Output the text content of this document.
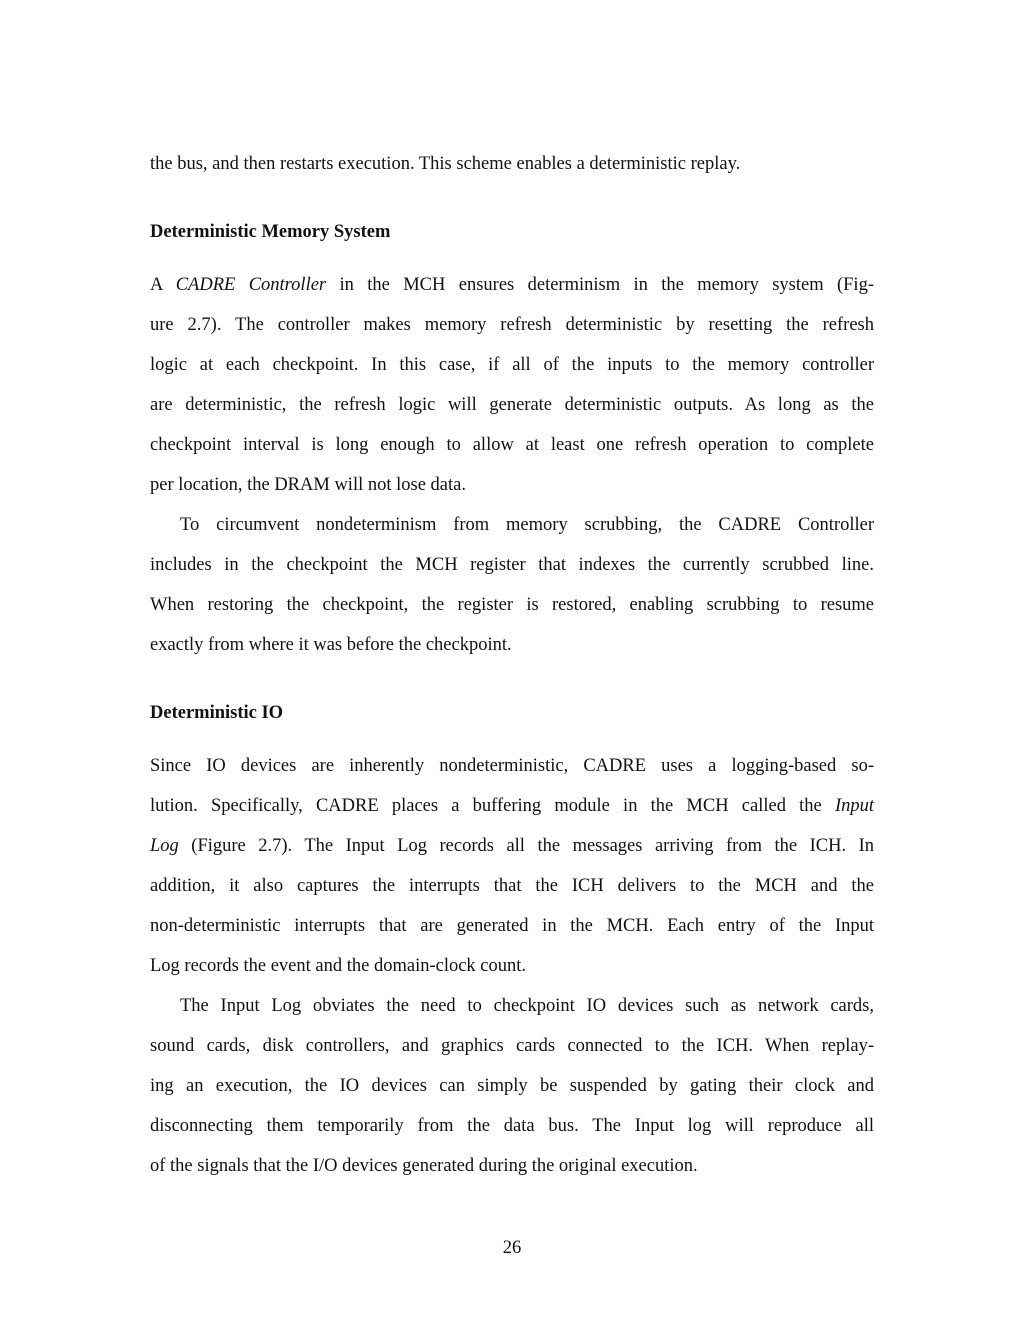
the bus, and then restarts execution. This scheme enables a deterministic replay.
Deterministic Memory System
A CADRE Controller in the MCH ensures determinism in the memory system (Fig-
ure 2.7). The controller makes memory refresh deterministic by resetting the refresh
logic at each checkpoint. In this case, if all of the inputs to the memory controller
are deterministic, the refresh logic will generate deterministic outputs. As long as the
checkpoint interval is long enough to allow at least one refresh operation to complete
per location, the DRAM will not lose data.
To circumvent nondeterminism from memory scrubbing, the CADRE Controller
includes in the checkpoint the MCH register that indexes the currently scrubbed line.
When restoring the checkpoint, the register is restored, enabling scrubbing to resume
exactly from where it was before the checkpoint.
Deterministic IO
Since IO devices are inherently nondeterministic, CADRE uses a logging-based so-
lution. Specifically, CADRE places a buffering module in the MCH called the Input
Log (Figure 2.7). The Input Log records all the messages arriving from the ICH. In
addition, it also captures the interrupts that the ICH delivers to the MCH and the
non-deterministic interrupts that are generated in the MCH. Each entry of the Input
Log records the event and the domain-clock count.
The Input Log obviates the need to checkpoint IO devices such as network cards,
sound cards, disk controllers, and graphics cards connected to the ICH. When replay-
ing an execution, the IO devices can simply be suspended by gating their clock and
disconnecting them temporarily from the data bus. The Input log will reproduce all
of the signals that the I/O devices generated during the original execution.
26
